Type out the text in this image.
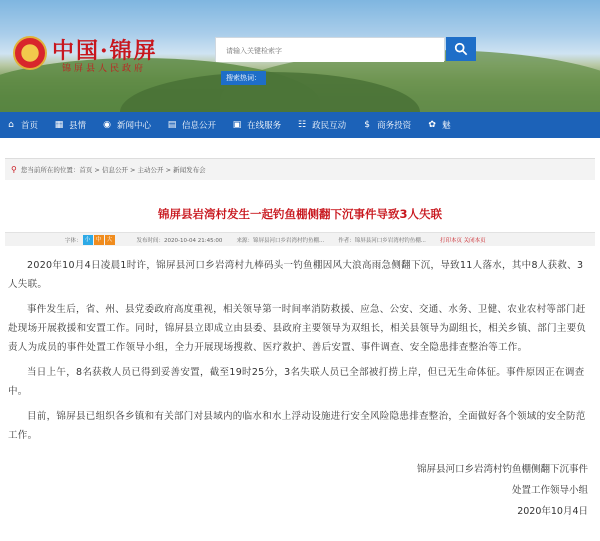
中国·锦屏
锦屏县人民政府
请输入关键检索字
搜索热词：
⌂ 首页 ▦ 县情 ◉ 新闻中心 ▤ 信息公开 ▣ 在线服务 ☷ 政民互动 $ 商务投资 ✿ 魅
⚲ 您当前所在的位置：首页 > 信息公开 > 主动公开 > 新闻发布会
锦屏县岩湾村发生一起钓鱼棚侧翻下沉事件导致3人失联
字体： 小 中 大	发布时间：2020-10-04 21:45:00	来源：锦屏县河口乡岩湾村钓鱼棚...	作者：锦屏县河口乡岩湾村钓鱼棚...	打印本页 关闭本页

2020年10月4日凌晨1时许，锦屏县河口乡岩湾村九棒码头一钓鱼棚因风大浪高雨急侧翻下沉，导致11人落水，其中8人获救、3人失联。

事件发生后，省、州、县党委政府高度重视，相关领导第一时间率消防救援、应急、公安、交通、水务、卫健、农业农村等部门赶赴现场开展救援和安置工作。同时，锦屏县立即成立由县委、县政府主要领导为双组长，相关县领导为副组长，相关乡镇、部门主要负责人为成员的事件处置工作领导小组，全力开展现场搜救、医疗救护、善后安置、事件调查、安全隐患排查整治等工作。

当日上午，8名获救人员已得到妥善安置，截至19时25分，3名失联人员已全部被打捞上岸，但已无生命体征。事件原因正在调查中。

目前，锦屏县已组织各乡镇和有关部门对县域内的临水和水上浮动设施进行安全风险隐患排查整治，全面做好各个领域的安全防范工作。

锦屏县河口乡岩湾村钓鱼棚侧翻下沉事件
处置工作领导小组
2020年10月4日
